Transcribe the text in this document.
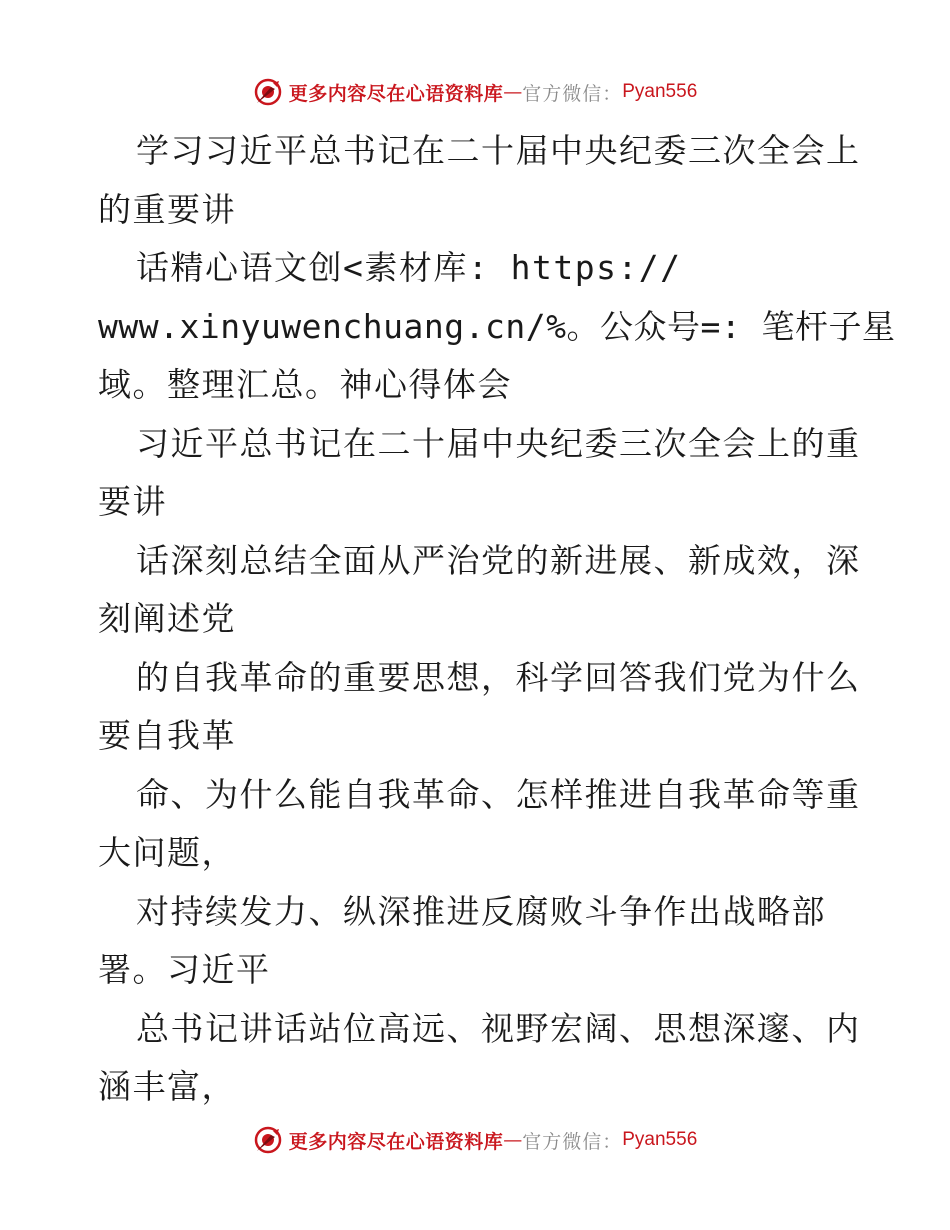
更多内容尽在心语资料库 — 官方微信： Pyan556
学习习近平总书记在二十届中央纪委三次全会上
的重要讲
话精心语文创<素材库: https://
www.xinyuwenchuang.cn/%。公众号=: 笔杆子星
域。整理汇总。神心得体会
习近平总书记在二十届中央纪委三次全会上的重
要讲
话深刻总结全面从严治党的新进展、新成效，深
刻阐述党
的自我革命的重要思想，科学回答我们党为什么
要自我革
命、为什么能自我革命、怎样推进自我革命等重
大问题，
对持续发力、纵深推进反腐败斗争作出战略部
署。习近平
总书记讲话站位高远、视野宏阔、思想深邃、内
涵丰富，
更多内容尽在心语资料库 — 官方微信： Pyan556
